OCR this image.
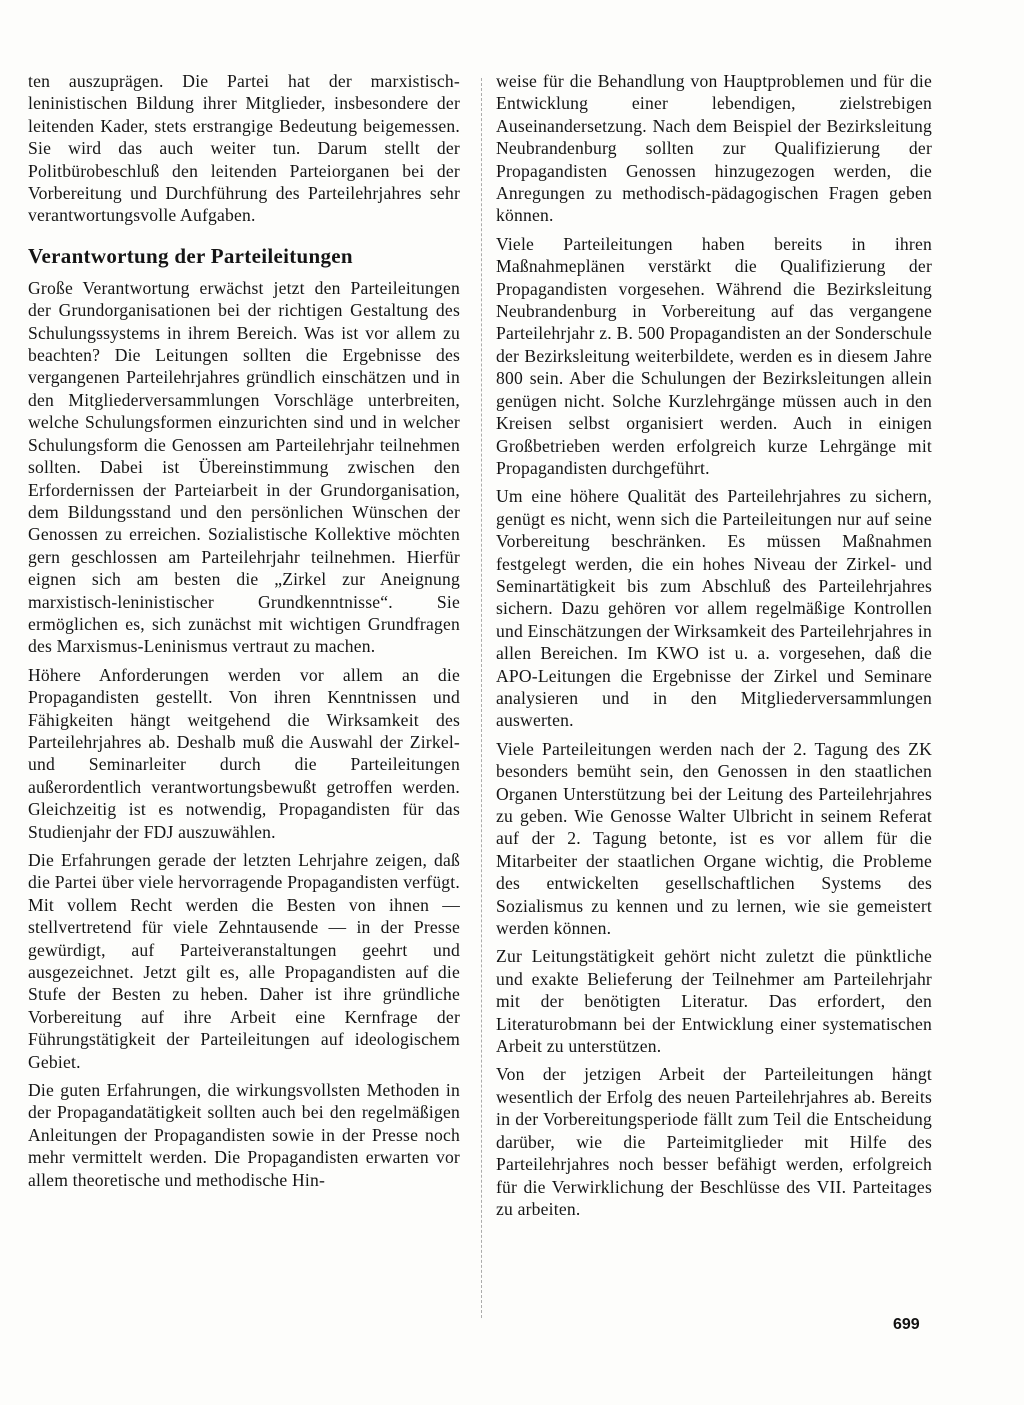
ten auszuprägen. Die Partei hat der marxistisch-leninistischen Bildung ihrer Mitglieder, insbesondere der leitenden Kader, stets erstrangige Bedeutung beigemessen. Sie wird das auch weiter tun. Darum stellt der Politbürobeschluß den leitenden Parteiorganen bei der Vorbereitung und Durchführung des Parteilehrjahres sehr verantwortungsvolle Aufgaben.

Verantwortung der Parteileitungen

Große Verantwortung erwächst jetzt den Parteileitungen der Grundorganisationen bei der richtigen Gestaltung des Schulungssystems in ihrem Bereich. Was ist vor allem zu beachten? Die Leitungen sollten die Ergebnisse des vergangenen Parteilehrjahres gründlich einschätzen und in den Mitgliederversammlungen Vorschläge unterbreiten, welche Schulungsformen einzurichten sind und in welcher Schulungsform die Genossen am Parteilehrjahr teilnehmen sollten. Dabei ist Übereinstimmung zwischen den Erfordernissen der Parteiarbeit in der Grundorganisation, dem Bildungsstand und den persönlichen Wünschen der Genossen zu erreichen. Sozialistische Kollektive möchten gern geschlossen am Parteilehrjahr teilnehmen. Hierfür eignen sich am besten die „Zirkel zur Aneignung marxistisch-leninistischer Grundkenntnisse“. Sie ermöglichen es, sich zunächst mit wichtigen Grundfragen des Marxismus-Leninismus vertraut zu machen.

Höhere Anforderungen werden vor allem an die Propagandisten gestellt. Von ihren Kenntnissen und Fähigkeiten hängt weitgehend die Wirksamkeit des Parteilehrjahres ab. Deshalb muß die Auswahl der Zirkel- und Seminarleiter durch die Parteileitungen außerordentlich verantwortungsbewußt getroffen werden. Gleichzeitig ist es notwendig, Propagandisten für das Studienjahr der FDJ auszuwählen.

Die Erfahrungen gerade der letzten Lehrjahre zeigen, daß die Partei über viele hervorragende Propagandisten verfügt. Mit vollem Recht werden die Besten von ihnen — stellvertretend für viele Zehntausende — in der Presse gewürdigt, auf Parteiveranstaltungen geehrt und ausgezeichnet. Jetzt gilt es, alle Propagandisten auf die Stufe der Besten zu heben. Daher ist ihre gründliche Vorbereitung auf ihre Arbeit eine Kernfrage der Führungstätigkeit der Parteileitungen auf ideologischem Gebiet.

Die guten Erfahrungen, die wirkungsvollsten Methoden in der Propagandatätigkeit sollten auch bei den regelmäßigen Anleitungen der Propagandisten sowie in der Presse noch mehr vermittelt werden. Die Propagandisten erwarten vor allem theoretische und methodische Hin-

weise für die Behandlung von Hauptproblemen und für die Entwicklung einer lebendigen, zielstrebigen Auseinandersetzung. Nach dem Beispiel der Bezirksleitung Neubrandenburg sollten zur Qualifizierung der Propagandisten Genossen hinzugezogen werden, die Anregungen zu methodisch-pädagogischen Fragen geben können.

Viele Parteileitungen haben bereits in ihren Maßnahmeplänen verstärkt die Qualifizierung der Propagandisten vorgesehen. Während die Bezirksleitung Neubrandenburg in Vorbereitung auf das vergangene Parteilehrjahr z. B. 500 Propagandisten an der Sonderschule der Bezirksleitung weiterbildete, werden es in diesem Jahre 800 sein. Aber die Schulungen der Bezirksleitungen allein genügen nicht. Solche Kurzlehrgänge müssen auch in den Kreisen selbst organisiert werden. Auch in einigen Großbetrieben werden erfolgreich kurze Lehrgänge mit Propagandisten durchgeführt.

Um eine höhere Qualität des Parteilehrjahres zu sichern, genügt es nicht, wenn sich die Parteileitungen nur auf seine Vorbereitung beschränken. Es müssen Maßnahmen festgelegt werden, die ein hohes Niveau der Zirkel- und Seminartätigkeit bis zum Abschluß des Parteilehrjahres sichern. Dazu gehören vor allem regelmäßige Kontrollen und Einschätzungen der Wirksamkeit des Parteilehrjahres in allen Bereichen. Im KWO ist u. a. vorgesehen, daß die APO-Leitungen die Ergebnisse der Zirkel und Seminare analysieren und in den Mitgliederversammlungen auswerten.

Viele Parteileitungen werden nach der 2. Tagung des ZK besonders bemüht sein, den Genossen in den staatlichen Organen Unterstützung bei der Leitung des Parteilehrjahres zu geben. Wie Genosse Walter Ulbricht in seinem Referat auf der 2. Tagung betonte, ist es vor allem für die Mitarbeiter der staatlichen Organe wichtig, die Probleme des entwickelten gesellschaftlichen Systems des Sozialismus zu kennen und zu lernen, wie sie gemeistert werden können.

Zur Leitungstätigkeit gehört nicht zuletzt die pünktliche und exakte Belieferung der Teilnehmer am Parteilehrjahr mit der benötigten Literatur. Das erfordert, den Literaturobmann bei der Entwicklung einer systematischen Arbeit zu unterstützen.

Von der jetzigen Arbeit der Parteileitungen hängt wesentlich der Erfolg des neuen Parteilehrjahres ab. Bereits in der Vorbereitungsperiode fällt zum Teil die Entscheidung darüber, wie die Parteimitglieder mit Hilfe des Parteilehrjahres noch besser befähigt werden, erfolgreich für die Verwirklichung der Beschlüsse des VII. Parteitages zu arbeiten.

699
